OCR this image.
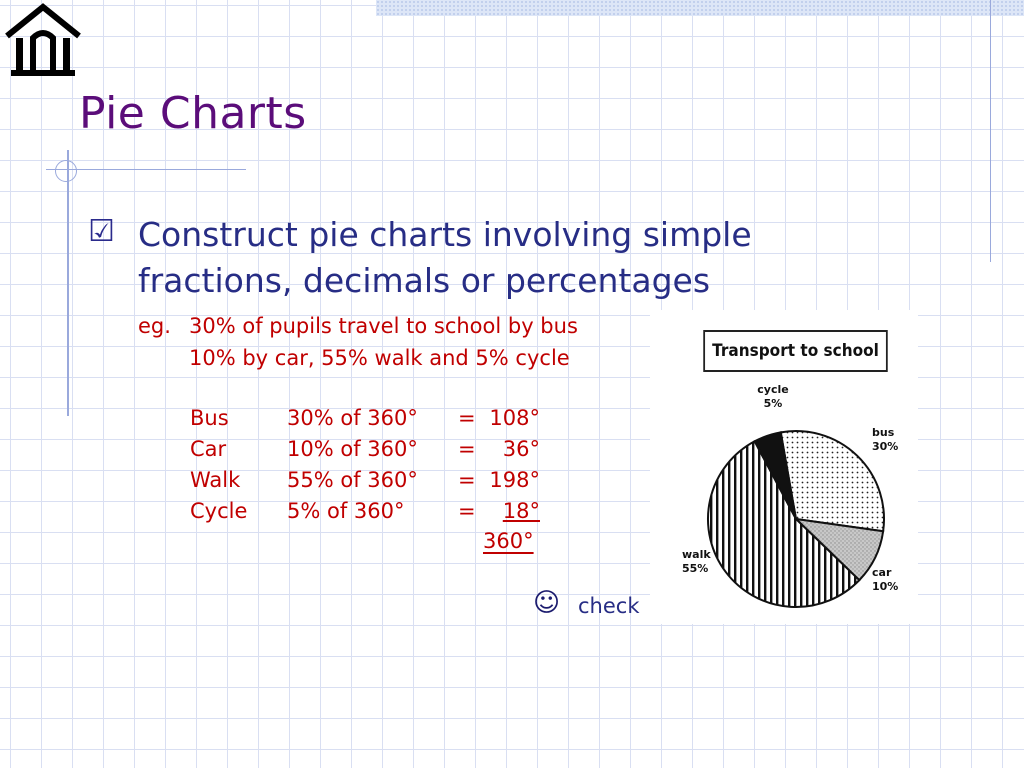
Pie Charts
☑ Construct pie charts involving simple fractions, decimals or percentages

eg. 30% of pupils travel to school by bus
10% by car, 55% walk and 5% cycle
Bus	30% of 360° = 108°
Car	10% of 360° =	36°
Walk 55% of 360° = 198°
Cycle 5% of 360°	=	18°
360°
☺ check
Transport to school
bus
30%
car
10%
walk
55%
cycle
5%
